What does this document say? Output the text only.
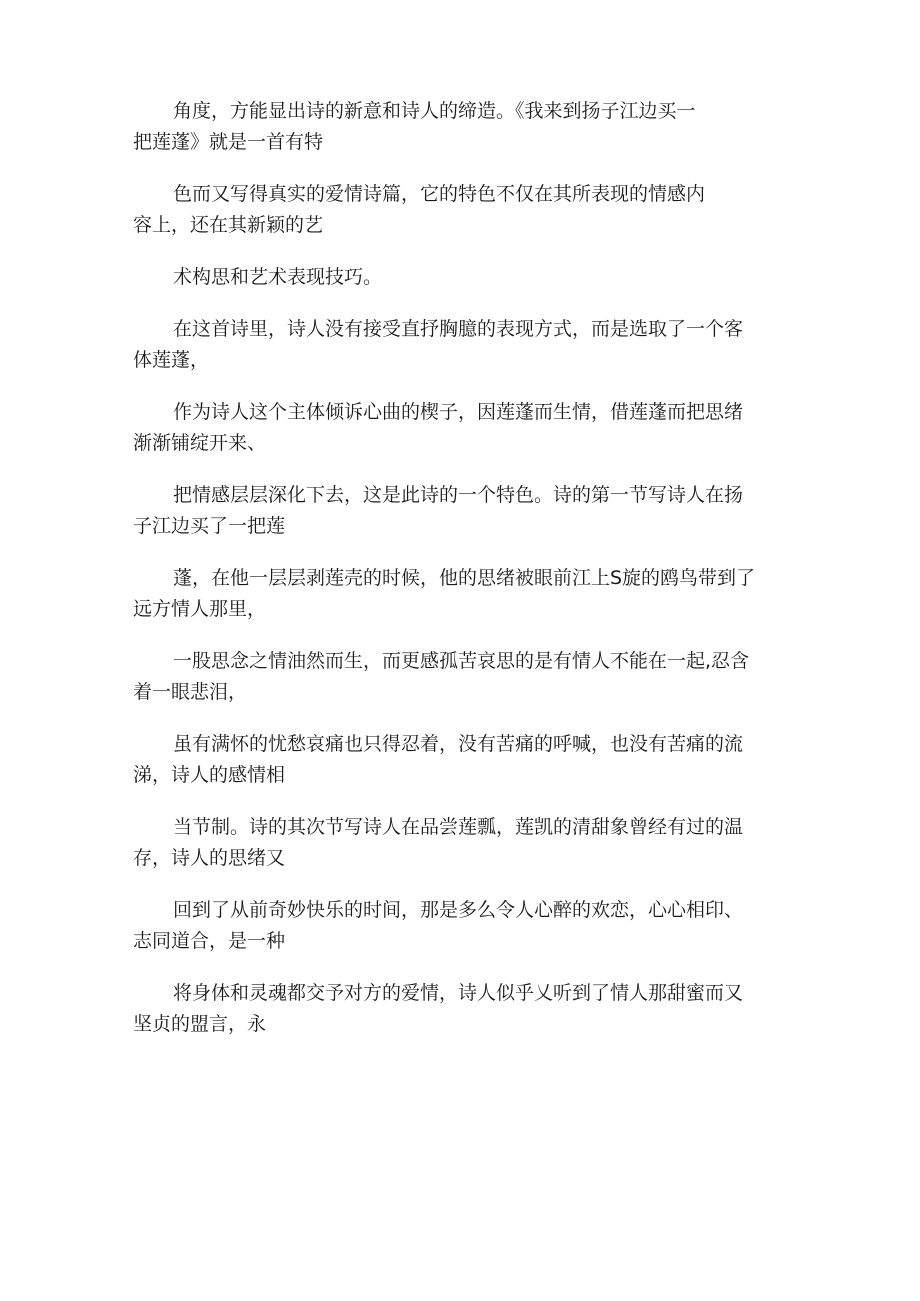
角度，方能显出诗的新意和诗人的缔造。《我来到扬子江边买一
把莲蓬》就是一首有特

色而又写得真实的爱情诗篇，它的特色不仅在其所表现的情感内
容上，还在其新颖的艺

术构思和艺术表现技巧。

在这首诗里，诗人没有接受直抒胸臆的表现方式，而是选取了一个客
体莲蓬，

作为诗人这个主体倾诉心曲的楔子，因莲蓬而生情，借莲蓬而把思绪
渐渐铺绽开来、

把情感层层深化下去，这是此诗的一个特色。诗的第一节写诗人在扬
子江边买了一把莲

蓬，在他一层层剥莲壳的时候，他的思绪被眼前江上S旋的鸥鸟带到了
远方情人那里，

一股思念之情油然而生，而更感孤苦哀思的是有情人不能在一起,忍含
着一眼悲泪，

虽有满怀的忧愁哀痛也只得忍着，没有苦痛的呼喊，也没有苦痛的流
涕，诗人的感情相

当节制。诗的其次节写诗人在品尝莲瓢，莲凯的清甜象曾经有过的温
存，诗人的思绪又

回到了从前奇妙快乐的时间，那是多么令人心醉的欢恋，心心相印、
志同道合，是一种

将身体和灵魂都交予对方的爱情，诗人似乎乂听到了情人那甜蜜而又
坚贞的盟言，永
